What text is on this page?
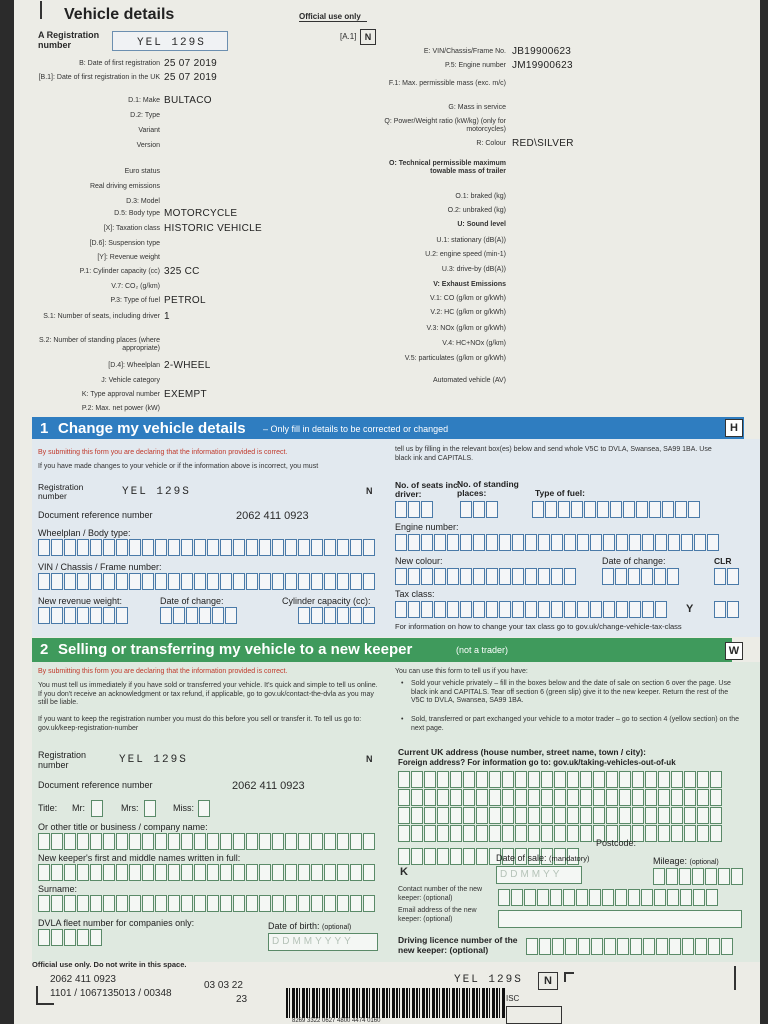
Vehicle details	Official use only
[A.1] N
A Registration number	YEL 129S
1 Change my vehicle details – Only fill in details to be corrected or changed	H
By submitting this form you are declaring that the information provided is correct.
If you have made changes to your vehicle or if the information above is incorrect, you must
tell us by filling in the relevant box(es) below and send whole V5C to DVLA, Swansea, SA99 1BA. Use black ink and CAPITALS.
Registration number	YEL 129S	N
Document reference number	2062 411 0923
Wheelplan / Body type:
VIN / Chassis / Frame number:
New revenue weight:	Date of change:	Cylinder capacity (cc):
No. of seats inc. driver:
No. of standing places:	Type of fuel:
Engine number:
New colour:	Date of change:	CLR
Tax class:
Y
For information on how to change your tax class go to gov.uk/change-vehicle-tax-class
2 Selling or transferring my vehicle to a new keeper	(not a trader)	W
By submitting this form you are declaring that the information provided is correct.
You must tell us immediately if you have sold or transferred your vehicle. It's quick and simple to tell us online. If you don't receive an acknowledgment or tax refund, if applicable, go to gov.uk/contact-the-dvla as you may still be liable.
If you want to keep the registration number you must do this before you sell or transfer it. To tell us go to: gov.uk/keep-registration-number
You can use this form to tell us if you have:
• Sold your vehicle privately – fill in the boxes below and the date of sale on section 6 over the page. Use black ink and CAPITALS. Tear off section 6 (green slip) give it to the new keeper. Return the rest of the V5C to DVLA, Swansea, SA99 1BA.
• Sold, transferred or part exchanged your vehicle to a motor trader – go to section 4 (yellow section) on the next page.
Registration number	YEL 129S	N
Document reference number	2062 411 0923
Title: Mr:	Mrs:	Miss:
Or other title or business / company name:
New keeper's first and middle names written in full:
Surname:
DVLA fleet number for companies only:	Date of birth: (optional)
DDMMYYYY
Current UK address (house number, street name, town / city):
Foreign address? For information go to: gov.uk/taking-vehicles-out-of-uk
Postcode:
Date of sale: (mandatory)
K	DDMMYY
Mileage: (optional)
Contact number of the new keeper: (optional)
Email address of the new keeper: (optional)
Driving licence number of the new keeper: (optional)
Official use only. Do not write in this space.
2062 411 0923
1101 / 1067135013 / 00348
03 03 22
23
8269 3322 0627 4800 4474 0160
YEL 129S	N
ISC
B: Date of first registration 25 07 2019
[B.1]: Date of first registration in the UK 25 07 2019
D.1: Make BULTACO
D.2: Type
Variant
Version
Euro status
Real driving emissions
D.3: Model
D.5: Body type MOTORCYCLE
[X]: Taxation class HISTORIC VEHICLE
[D.6]: Suspension type
[Y]: Revenue weight
P.1: Cylinder capacity (cc) 325 CC
V.7: CO₂ (g/km)
P.3: Type of fuel PETROL
S.1: Number of seats, including driver 1
S.2: Number of standing places (where appropriate)
[D.4]: Wheelplan 2-WHEEL
J: Vehicle category
K: Type approval number EXEMPT
P.2: Max. net power (kW)
E: VIN/Chassis/Frame No. JB19900623
P.5: Engine number JM19900623
F.1: Max. permissible mass (exc. m/c)
G: Mass in service
Q: Power/Weight ratio (kW/kg) (only for motorcycles)
R: Colour RED\SILVER
O: Technical permissible maximum towable mass of trailer
O.1: braked (kg)
O.2: unbraked (kg)
U: Sound level
U.1: stationary (dB(A))
U.2: engine speed (min-1)
U.3: drive-by (dB(A))
V: Exhaust Emissions
V.1: CO (g/km or g/kWh)
V.2: HC (g/km or g/kWh)
V.3: NOx (g/km or g/kWh)
V.4: HC+NOx (g/km)
V.5: particulates (g/km or g/kWh)
Automated vehicle (AV)
